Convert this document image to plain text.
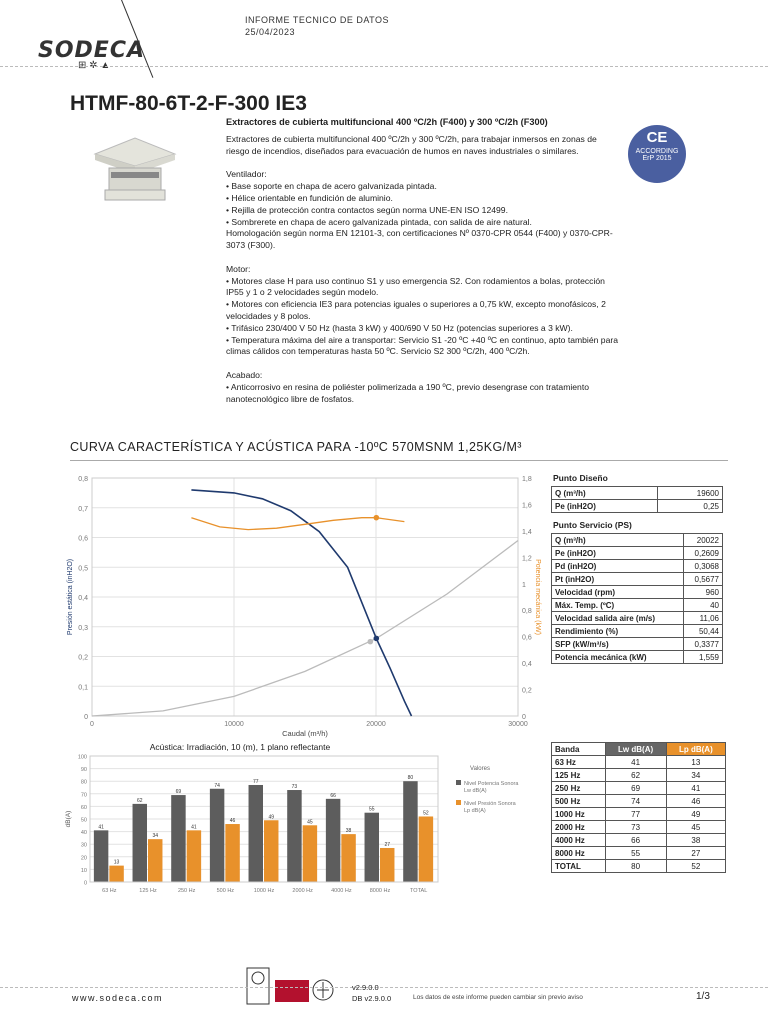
SODECA
⊞ ✲ ▲
INFORME TECNICO DE DATOS
25/04/2023
HTMF-80-6T-2-F-300 IE3
Extractores de cubierta multifuncional 400 ºC/2h (F400) y 300 ºC/2h (F300)
Extractores de cubierta multifuncional 400 ºC/2h y 300 ºC/2h, para trabajar inmersos en zonas de riesgo de incendios, diseñados para evacuación de humos en naves industriales o similares.

Ventilador:
• Base soporte en chapa de acero galvanizada pintada.
• Hélice orientable en fundición de aluminio.
• Rejilla de protección contra contactos según norma UNE-EN ISO 12499.
• Sombrerete en chapa de acero galvanizada pintada, con salida de aire natural.
Homologación según norma EN 12101-3, con certificaciones Nº 0370-CPR 0544 (F400) y 0370-CPR-3073 (F300).

Motor:
• Motores clase H para uso continuo S1 y uso emergencia S2. Con rodamientos a bolas, protección IP55 y 1 o 2 velocidades según modelo.
• Motores con eficiencia IE3 para potencias iguales o superiores a 0,75 kW, excepto monofásicos, 2 velocidades y 8 polos.
• Trifásico 230/400 V 50 Hz (hasta 3 kW) y 400/690 V 50 Hz (potencias superiores a 3 kW).
• Temperatura máxima del aire a transportar: Servicio S1 -20 ºC +40 ºC en continuo, apto también para climas cálidos con temperaturas hasta 50 ºC. Servicio S2 300 ºC/2h, 400 ºC/2h.

Acabado:
• Anticorrosivo en resina de poliéster polimerizada a 190 ºC, previo desengrase con tratamiento nanotecnológico libre de fosfatos.
CE
ACCORDING
ErP 2015
CURVA CARACTERÍSTICA Y ACÚSTICA PARA -10ºC 570MSNM 1,25KG/M³
0
0,1
0,2
0,3
0,4
0,5
0,6
0,7
0,8
0
0,2
0,4
0,6
0,8
1
1,2
1,4
1,6
1,8
0	10000	20000	30000
Caudal (m³/h)
Presión estática (inH2O)	Potencia mecánica (kW)
Punto Diseño
Q (m³/h)	19600
Pe (inH2O)	0,25
Punto Servicio (PS)
Q (m³/h)	20022
Pe (inH2O)	0,2609
Pd (inH2O)	0,3068
Pt (inH2O)	0,5677
Velocidad (rpm)	960
Máx. Temp. (ºC)	40
Velocidad salida aire (m/s)	11,06
Rendimiento (%)	50,44
SFP (kW/m³/s)	0,3377
Potencia mecánica (kW)	1,559
Acústica: Irradiación, 10 (m), 1 plano reflectante
0
10
20
30
40
50
60
70
80
90
100
dB(A)
41
13
63 Hz
62
34
125 Hz
69
41
250 Hz
74
46
500 Hz
77
49
1000 Hz
73
45
2000 Hz
66
38
4000 Hz
55
27
8000 Hz
80
52
TOTAL
Valores
Nivel Potencia Sonora
Lw dB(A)
Nivel Presión Sonora
Lp dB(A)
Banda	Lw dB(A)	Lp dB(A)
63 Hz	41	13
125 Hz	62	34
250 Hz	69	41
500 Hz	74	46
1000 Hz	77	49
2000 Hz	73	45
4000 Hz	66	38
8000 Hz	55	27
TOTAL	80	52
www.sodeca.com
v2.9.0.0
DB v2.9.0.0	Los datos de este informe pueden cambiar sin previo aviso	1/3
